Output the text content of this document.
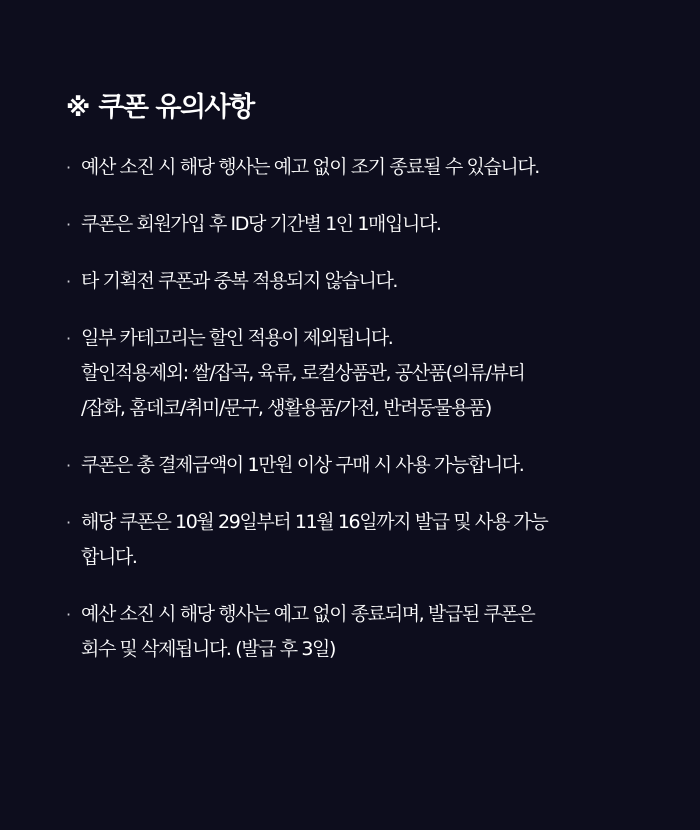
※ 쿠폰 유의사항
· 예산 소진 시 해당 행사는 예고 없이 조기 종료될 수 있습니다.
· 쿠폰은 회원가입 후 ID당 기간별 1인 1매입니다.
· 타 기획전 쿠폰과 중복 적용되지 않습니다.
· 일부 카테고리는 할인 적용이 제외됩니다.
할인적용제외: 쌀/잡곡, 육류, 로컬상품관, 공산품(의류/뷰티
/잡화, 홈데코/취미/문구, 생활용품/가전, 반려동물용품)
· 쿠폰은 총 결제금액이 1만원 이상 구매 시 사용 가능합니다.
· 해당 쿠폰은 10월 29일부터 11월 16일까지 발급 및 사용 가능
합니다.
· 예산 소진 시 해당 행사는 예고 없이 종료되며, 발급된 쿠폰은
회수 및 삭제됩니다. (발급 후 3일)
